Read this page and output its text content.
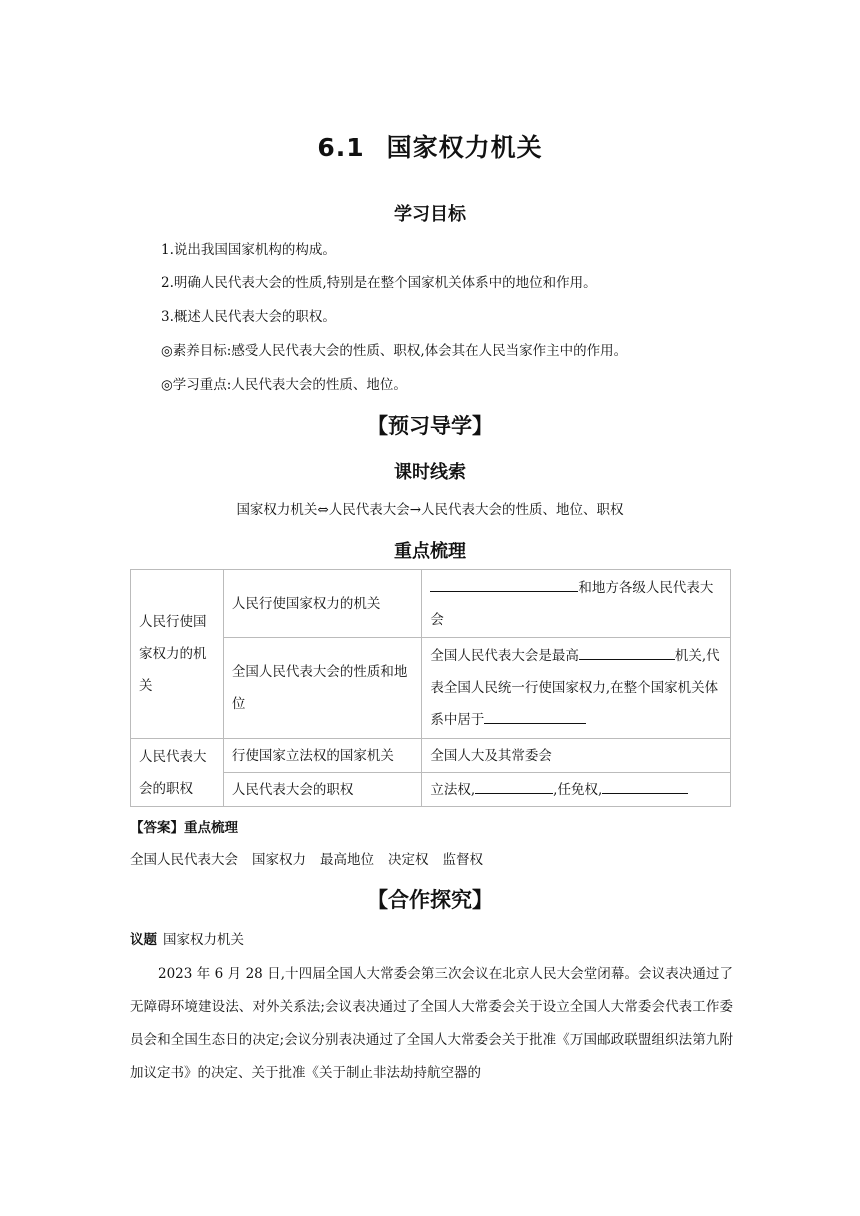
6.1 国家权力机关
学习目标
1.说出我国国家机构的构成。
2.明确人民代表大会的性质,特别是在整个国家机关体系中的地位和作用。
3.概述人民代表大会的职权。
◎素养目标:感受人民代表大会的性质、职权,体会其在人民当家作主中的作用。
◎学习重点:人民代表大会的性质、地位。
【预习导学】
课时线索
国家权力机关⇔人民代表大会→人民代表大会的性质、地位、职权
重点梳理
人民行使国家权力的机关	人民行使国家权力的机关	和地方各级人民代表大会
	全国人民代表大会的性质和地位	全国人民代表大会是最高 机关,代表全国人民统一行使国家权力,在整个国家机关体系中居于
人民代表大会的职权	行使国家立法权的国家机关	全国人大及其常委会
	人民代表大会的职权	立法权, ,任免权,
【答案】重点梳理
全国人民代表大会 国家权力 最高地位 决定权 监督权
【合作探究】
议题 国家权力机关
2023 年 6 月 28 日,十四届全国人大常委会第三次会议在北京人民大会堂闭幕。会议表决通过了无障碍环境建设法、对外关系法;会议表决通过了全国人大常委会关于设立全国人大常委会代表工作委员会和全国生态日的决定;会议分别表决通过了全国人大常委会关于批准《万国邮政联盟组织法第九附加议定书》的决定、关于批准《关于制止非法劫持航空器的
